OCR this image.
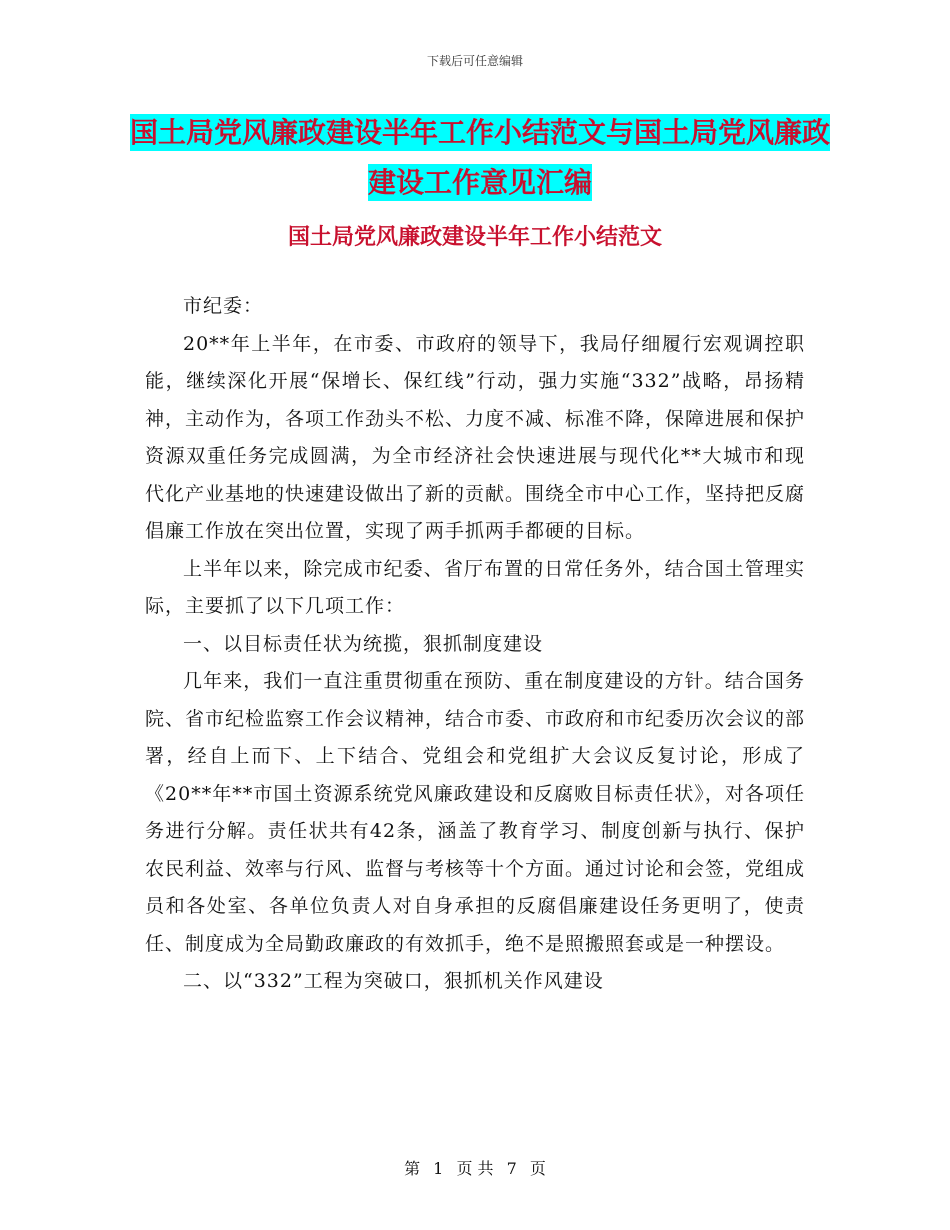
下载后可任意编辑
国土局党风廉政建设半年工作小结范文与国土局党风廉政建设工作意见汇编
国土局党风廉政建设半年工作小结范文

市纪委：

20**年上半年，在市委、市政府的领导下，我局仔细履行宏观调控职能，继续深化开展“保增长、保红线”行动，强力实施“332”战略，昂扬精神，主动作为，各项工作劲头不松、力度不减、标准不降，保障进展和保护资源双重任务完成圆满，为全市经济社会快速进展与现代化**大城市和现代化产业基地的快速建设做出了新的贡献。围绕全市中心工作，坚持把反腐倡廉工作放在突出位置，实现了两手抓两手都硬的目标。

上半年以来，除完成市纪委、省厅布置的日常任务外，结合国土管理实际，主要抓了以下几项工作：

一、以目标责任状为统揽，狠抓制度建设

几年来，我们一直注重贯彻重在预防、重在制度建设的方针。结合国务院、省市纪检监察工作会议精神，结合市委、市政府和市纪委历次会议的部署，经自上而下、上下结合、党组会和党组扩大会议反复讨论，形成了《20**年**市国土资源系统党风廉政建设和反腐败目标责任状》，对各项任务进行分解。责任状共有42条，涵盖了教育学习、制度创新与执行、保护农民利益、效率与行风、监督与考核等十个方面。通过讨论和会签，党组成员和各处室、各单位负责人对自身承担的反腐倡廉建设任务更明了，使责任、制度成为全局勤政廉政的有效抓手，绝不是照搬照套或是一种摆设。

二、以“332”工程为突破口，狠抓机关作风建设

第 1 页 共 7 页
